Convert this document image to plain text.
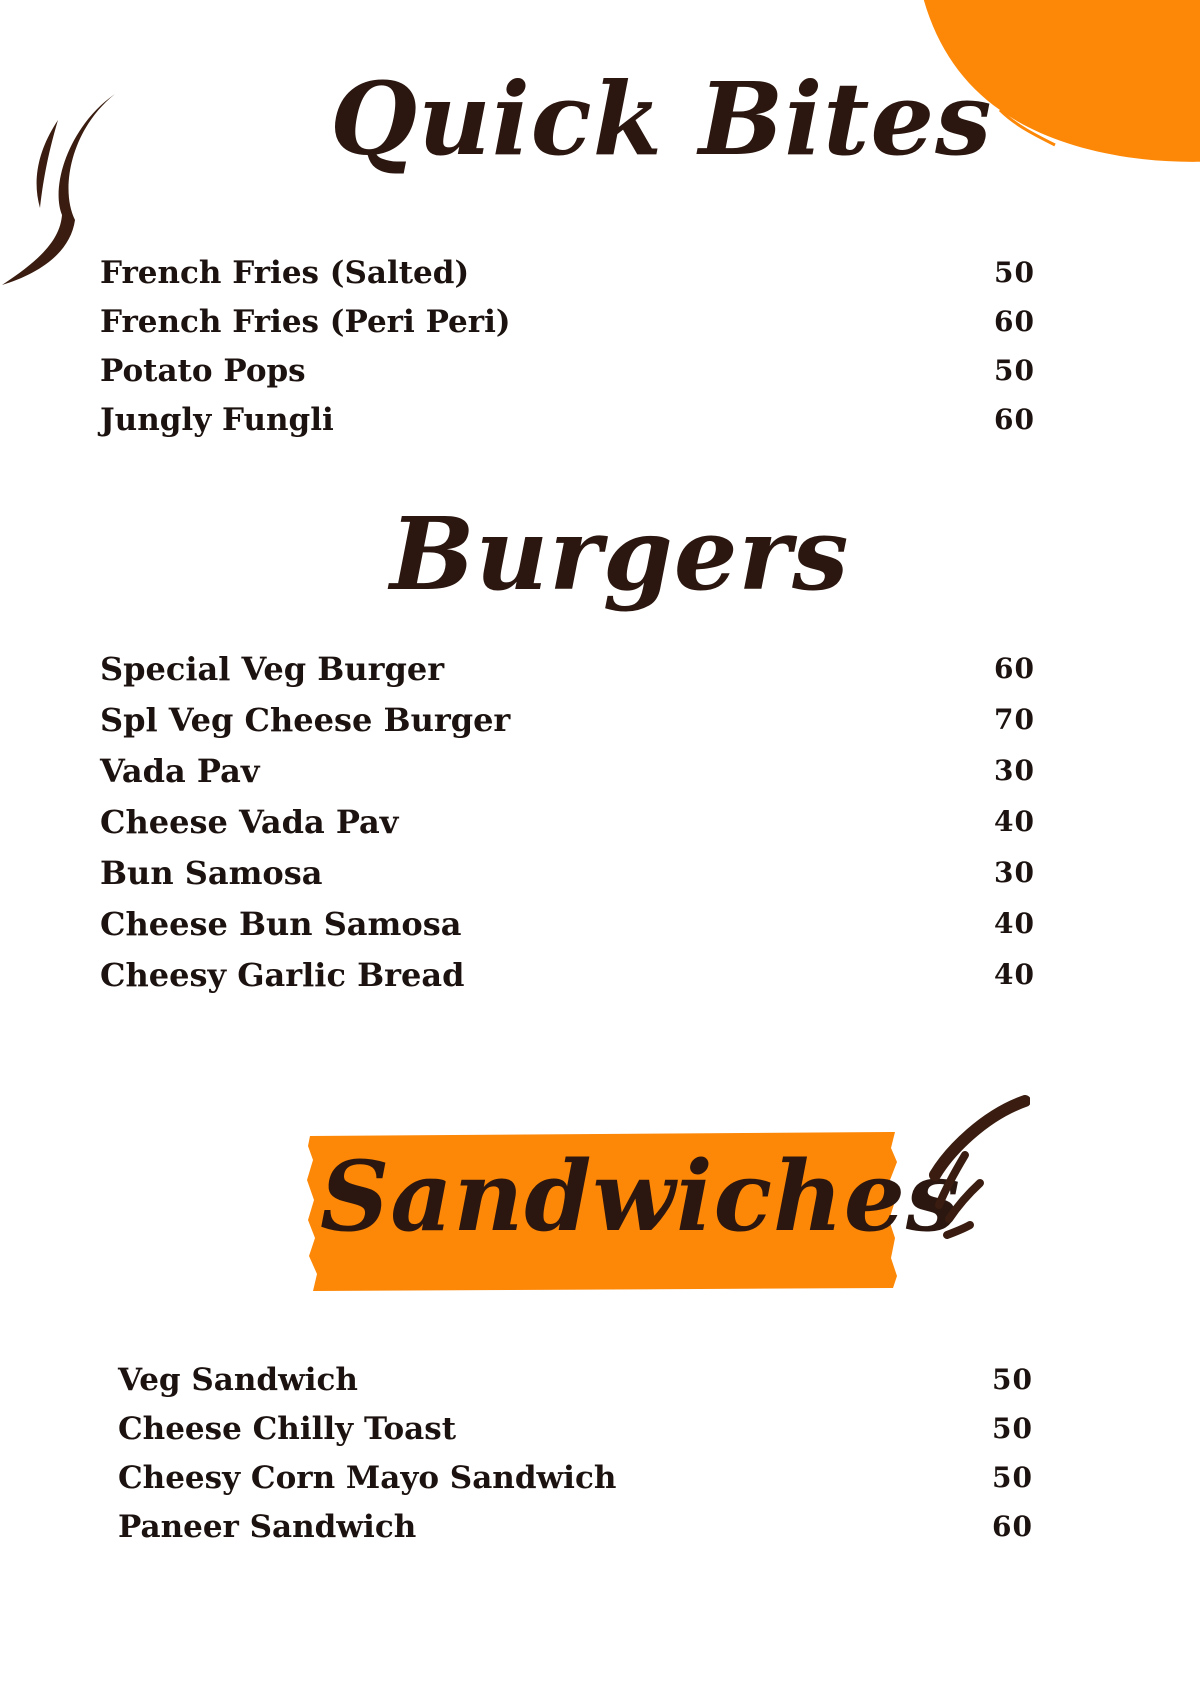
Quick Bites
French Fries (Salted)	50
French Fries (Peri Peri)	60
Potato Pops	50
Jungly Fungli	60
Burgers
Special Veg Burger	60
Spl Veg Cheese Burger	70
Vada Pav	30
Cheese Vada Pav	40
Bun Samosa	30
Cheese Bun Samosa	40
Cheesy Garlic Bread	40
Sandwiches
Veg Sandwich	50
Cheese Chilly Toast	50
Cheesy Corn Mayo Sandwich	50
Paneer Sandwich	60
